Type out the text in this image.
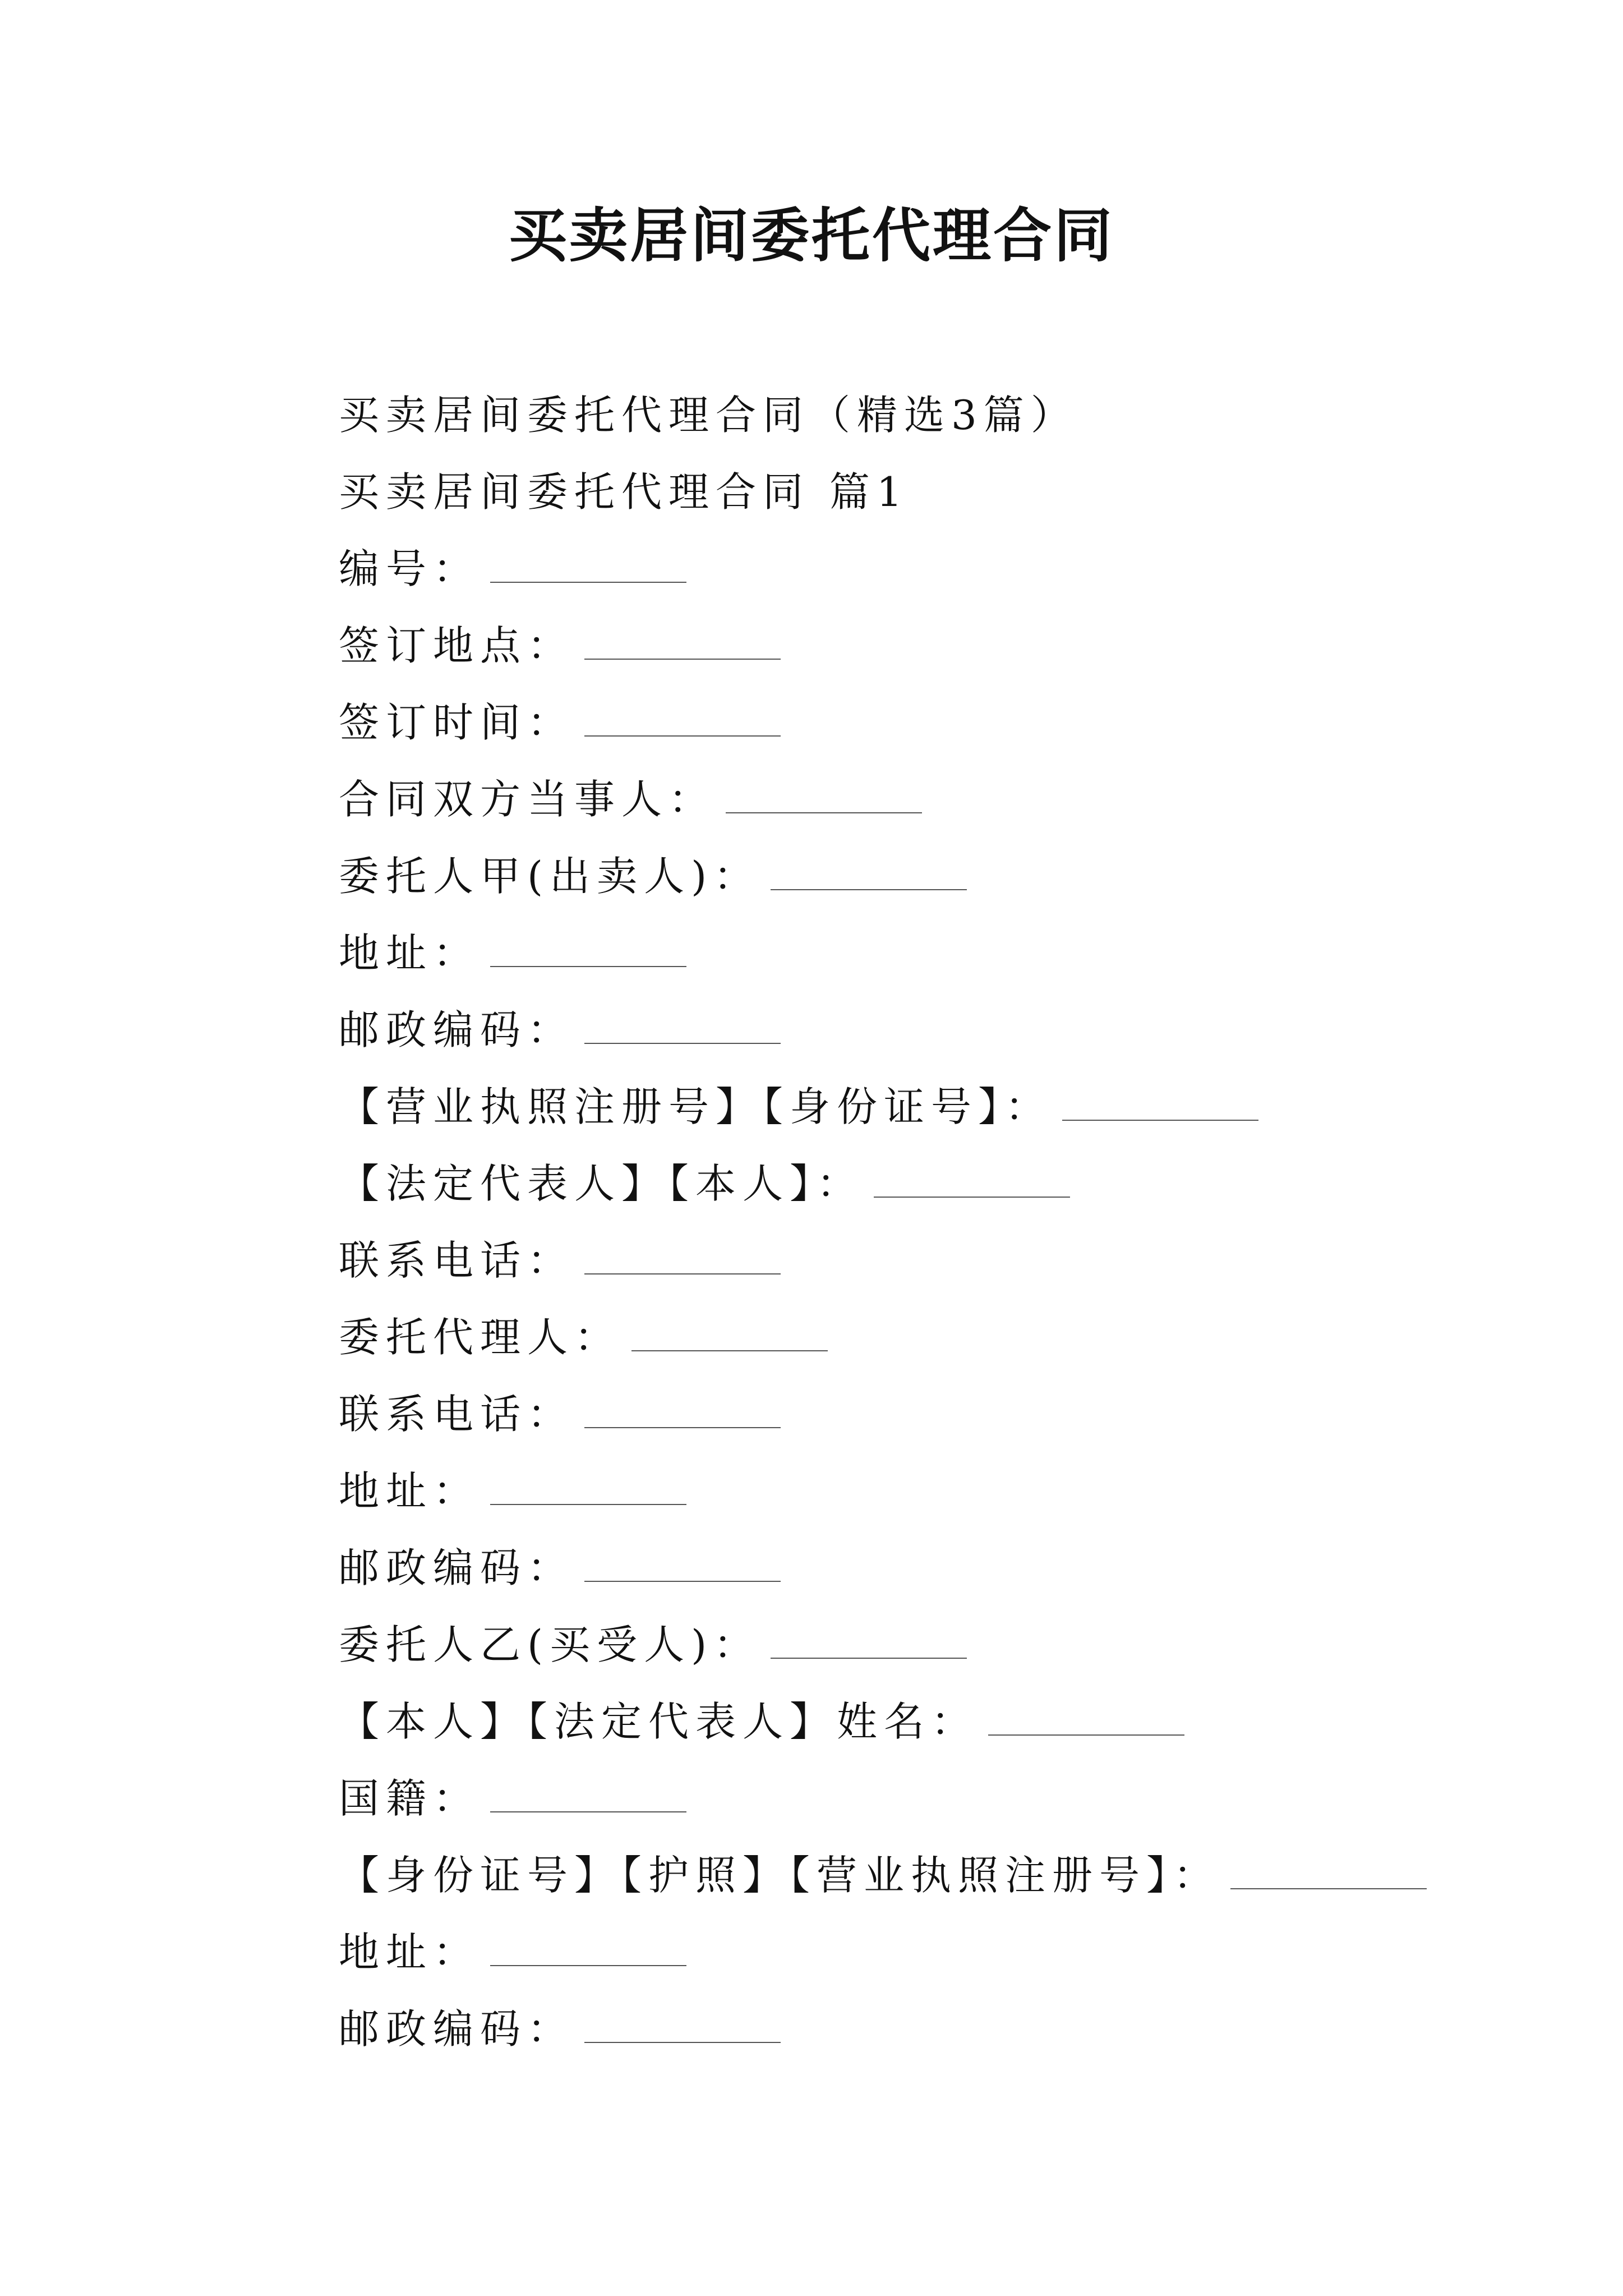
买卖居间委托代理合同
买卖居间委托代理合同（精选3篇）
买卖居间委托代理合同 篇1
编号：
签订地点：
签订时间：
合同双方当事人：
委托人甲(出卖人)：
地址：
邮政编码：
【营业执照注册号】【身份证号】：
【法定代表人】【本人】：
联系电话：
委托代理人：
联系电话：
地址：
邮政编码：
委托人乙(买受人)：
【本人】【法定代表人】姓名：
国籍：
【身份证号】【护照】【营业执照注册号】：
地址：
邮政编码：
